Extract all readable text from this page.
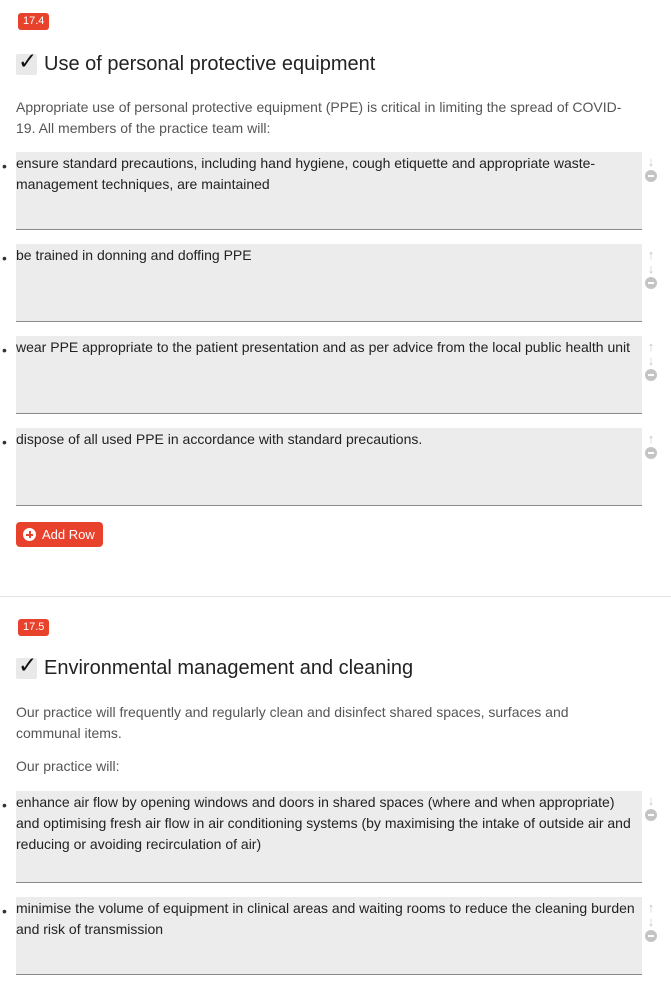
17.4
✓ Use of personal protective equipment
Appropriate use of personal protective equipment (PPE) is critical in limiting the spread of COVID-19. All members of the practice team will:
• ensure standard precautions, including hand hygiene, cough etiquette and appropriate waste-management techniques, are maintained
↓
• be trained in donning and doffing PPE	↑
↓
• wear PPE appropriate to the patient presentation and as per advice from the local public health unit	↑
↓
• dispose of all used PPE in accordance with standard precautions.	↑
Add Row
17.5
✓ Environmental management and cleaning
Our practice will frequently and regularly clean and disinfect shared spaces, surfaces and communal items.
Our practice will:
• enhance air flow by opening windows and doors in shared spaces (where and when appropriate) and optimising fresh air flow in air conditioning systems (by maximising the intake of outside air and reducing or avoiding recirculation of air)
↓
• minimise the volume of equipment in clinical areas and waiting rooms to reduce the cleaning burden and risk of transmission
↑
↓
